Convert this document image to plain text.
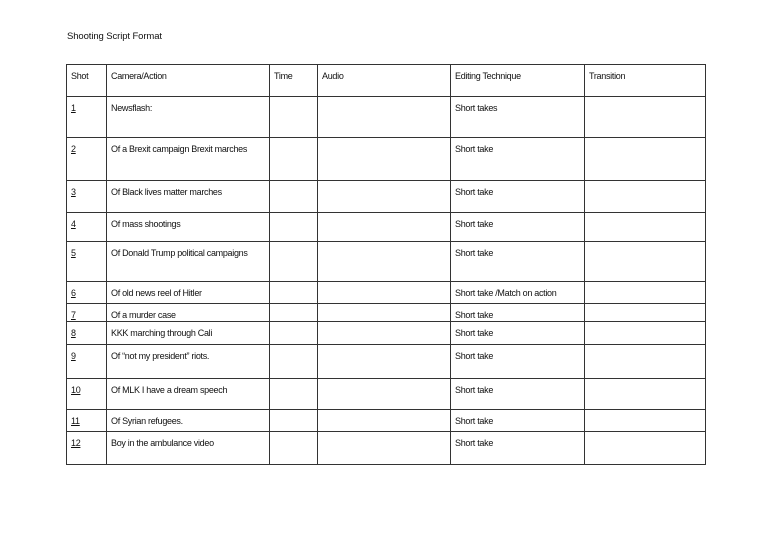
Shooting Script Format
Shot	Camera/Action	Time	Audio	Editing Technique	Transition
1	Newsflash:			Short takes	
2	Of a Brexit campaign Brexit marches			Short take	
3	Of Black lives matter marches			Short take	
4	Of mass shootings			Short take	
5	Of Donald Trump political campaigns			Short take	
6	Of old news reel of Hitler			Short take /Match on action	
7	Of a murder case			Short take	
8	KKK marching through Cali			Short take	
9	Of “not my president” riots.			Short take	
10	Of MLK I have a dream speech			Short take	
11	Of Syrian refugees.			Short take	
12	Boy in the ambulance video			Short take	
